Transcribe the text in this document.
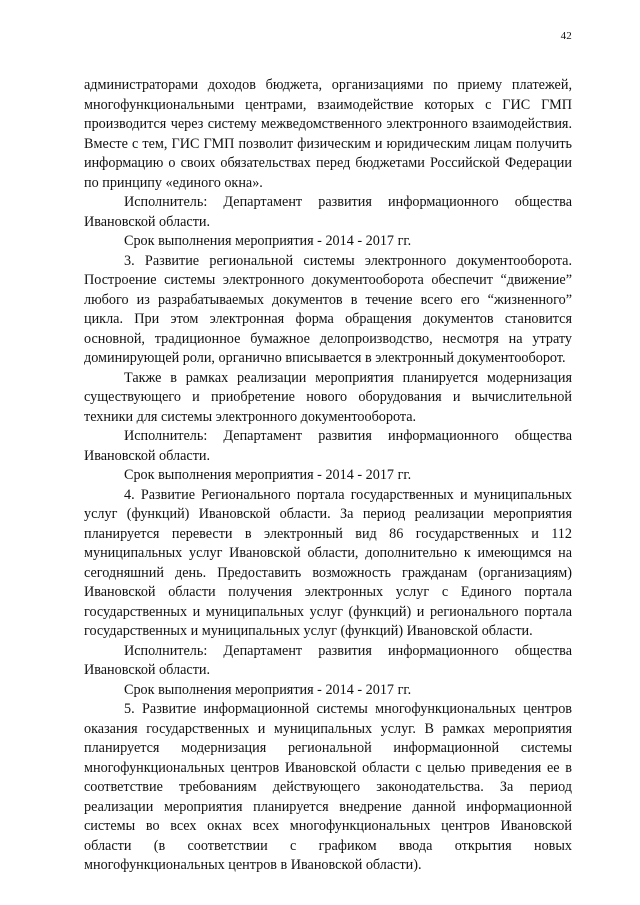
42

администраторами доходов бюджета, организациями по приему платежей, многофункциональными центрами, взаимодействие которых с ГИС ГМП производится через систему межведомственного электронного взаимодействия. Вместе с тем, ГИС ГМП позволит физическим и юридическим лицам получить информацию о своих обязательствах перед бюджетами Российской Федерации по принципу «единого окна».

Исполнитель: Департамент развития информационного общества Ивановской области.

Срок выполнения мероприятия - 2014 - 2017 гг.

3. Развитие региональной системы электронного документооборота. Построение системы электронного документооборота обеспечит “движение” любого из разрабатываемых документов в течение всего его “жизненного” цикла. При этом электронная форма обращения документов становится основной, традиционное бумажное делопроизводство, несмотря на утрату доминирующей роли, органично вписывается в электронный документооборот.

Также в рамках реализации мероприятия планируется модернизация существующего и приобретение нового оборудования и вычислительной техники для системы электронного документооборота.

Исполнитель: Департамент развития информационного общества Ивановской области.

Срок выполнения мероприятия - 2014 - 2017 гг.

4. Развитие Регионального портала государственных и муниципальных услуг (функций) Ивановской области. За период реализации мероприятия планируется перевести в электронный вид 86 государственных и 112 муниципальных услуг Ивановской области, дополнительно к имеющимся на сегодняшний день. Предоставить возможность гражданам (организациям) Ивановской области получения электронных услуг с Единого портала государственных и муниципальных услуг (функций) и регионального портала государственных и муниципальных услуг (функций) Ивановской области.

Исполнитель: Департамент развития информационного общества Ивановской области.

Срок выполнения мероприятия - 2014 - 2017 гг.

5. Развитие информационной системы многофункциональных центров оказания государственных и муниципальных услуг. В рамках мероприятия планируется модернизация региональной информационной системы многофункциональных центров Ивановской области с целью приведения ее в соответствие требованиям действующего законодательства. За период реализации мероприятия планируется внедрение данной информационной системы во всех окнах всех многофункциональных центров Ивановской области (в соответствии с графиком ввода открытия новых многофункциональных центров в Ивановской области).
